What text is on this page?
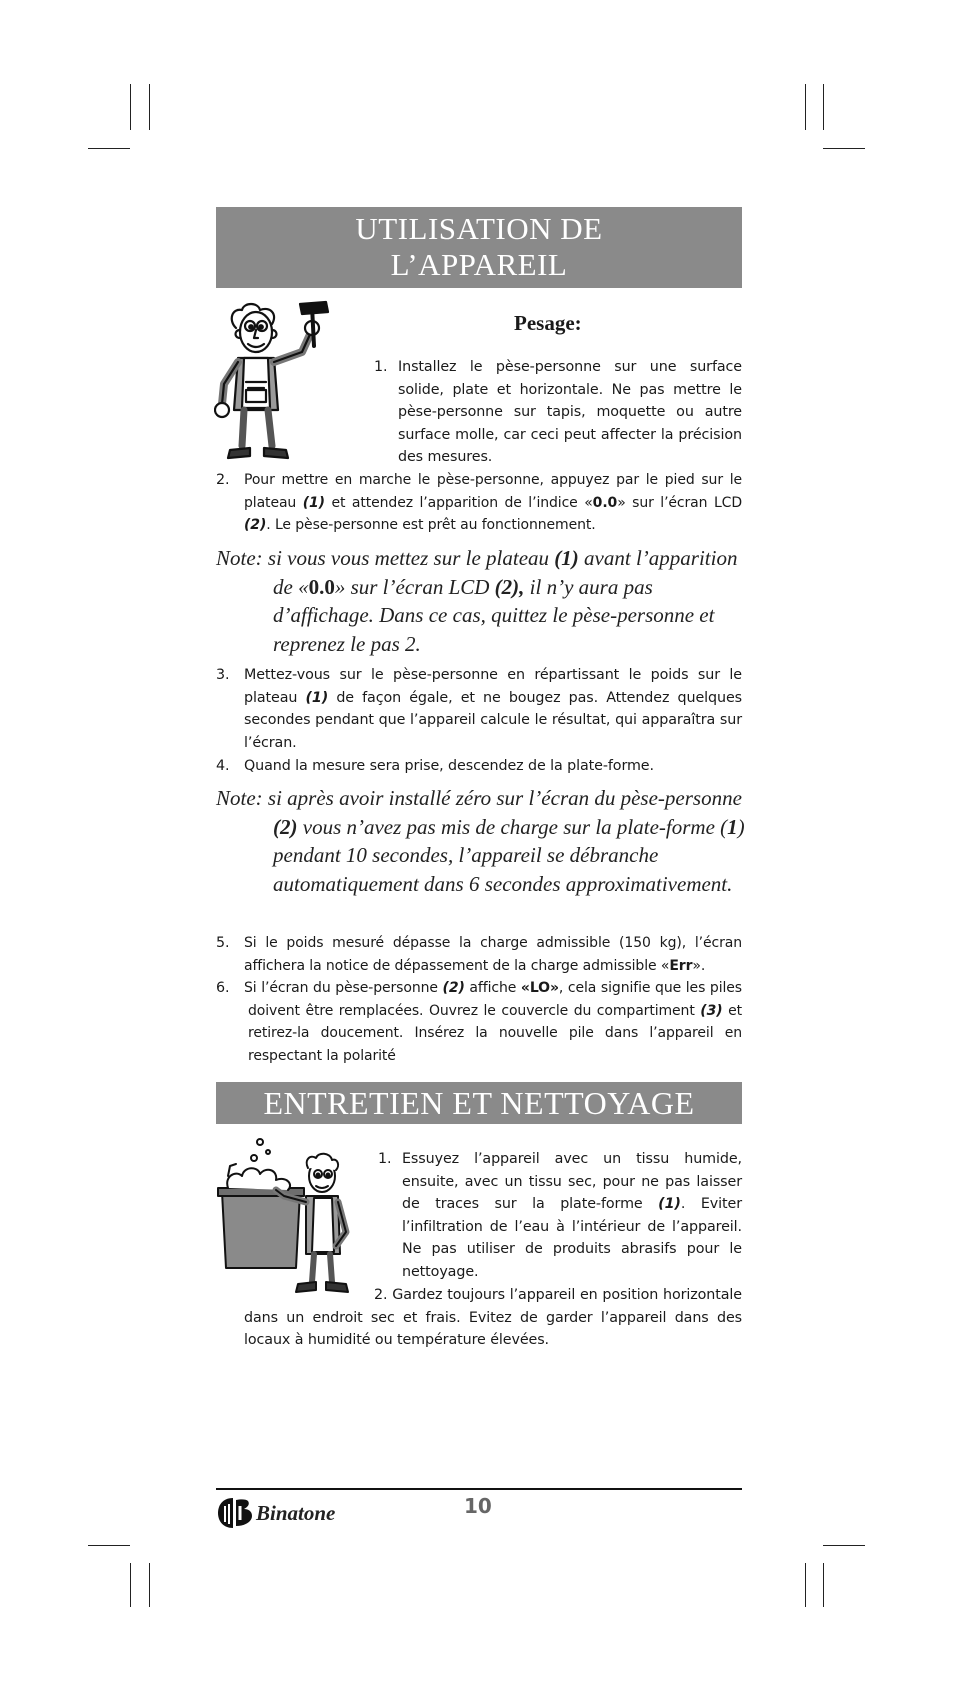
UTILISATION DE
L’APPAREIL
Pesage:
1. Installez le pèse-personne sur une surface solide, plate et horizontale. Ne pas mettre le pèse-personne sur tapis, moquette ou autre surface molle, car ceci peut affecter la précision des mesures.
2.	Pour mettre en marche le pèse-personne, appuyez par le pied sur le plateau (1) et attendez l’apparition de l’indice «0.0» sur l’écran LCD (2). Le pèse-personne est prêt au fonctionnement.
Note: si vous vous mettez sur le plateau (1) avant l’apparition de «0.0» sur l’écran LCD (2), il n’y aura pas d’affichage. Dans ce cas, quittez le pèse-personne et reprenez le pas 2.
3.	Mettez-vous sur le pèse-personne en répartissant le poids sur le plateau (1) de façon égale, et ne bougez pas. Attendez quelques secondes pendant que l’appareil calcule le résultat, qui apparaîtra sur l’écran.
4.	Quand la mesure sera prise, descendez de la plate-forme.
Note: si après avoir installé zéro sur l’écran du pèse-personne (2) vous n’avez pas mis de charge sur la plate-forme (1) pendant 10 secondes, l’appareil se débranche automatiquement dans 6 secondes approximativement.
5.	Si le poids mesuré dépasse la charge admissible (150 kg), l’écran affichera la notice de dépassement de la charge admissible «Err».
6.	Si l’écran du pèse-personne (2) affiche «LO», cela signifie que les piles doivent être remplacées. Ouvrez le couvercle du compartiment (3) et retirez-la doucement. Insérez la nouvelle pile dans l’appareil en respectant la polarité
ENTRETIEN ET NETTOYAGE
1. Essuyez l’appareil avec un tissu humide, ensuite, avec un tissu sec, pour ne pas laisser de traces sur la plate-forme (1). Eviter l’infiltration de l’eau à l’intérieur de l’appareil. Ne pas utiliser de produits abrasifs pour le nettoyage.
2. Gardez toujours l’appareil en position horizontale dans un endroit sec et frais. Evitez de garder l’appareil dans des locaux à humidité ou température élevées.
Binatone	10
